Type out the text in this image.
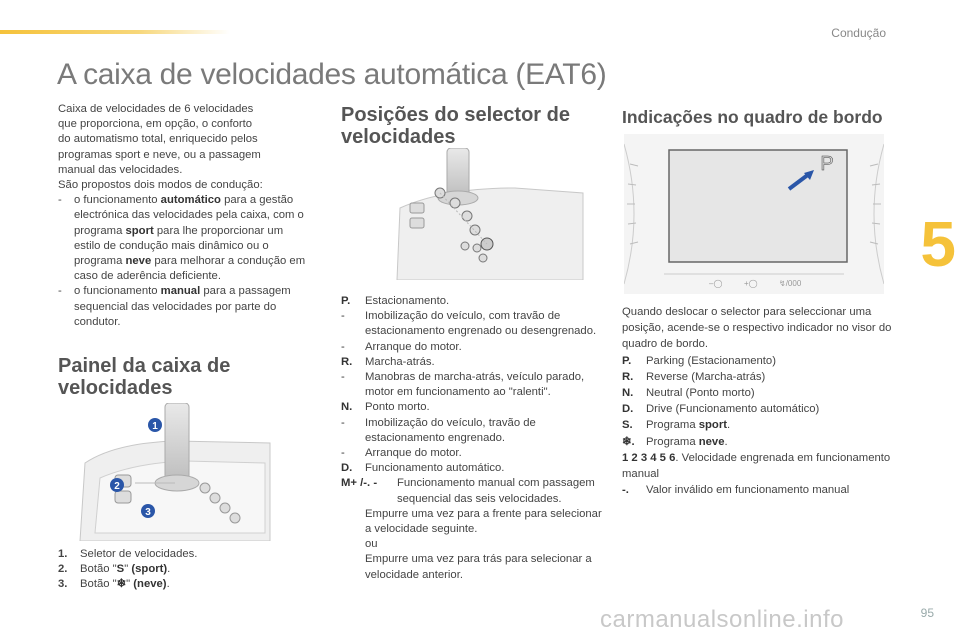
Condução
5
A caixa de velocidades automática (EAT6)

Caixa de velocidades de 6 velocidades
que proporciona, em opção, o conforto
do automatismo total, enriquecido pelos
programas sport e neve, ou a passagem
manual das velocidades.
São propostos dois modos de condução:

-	o funcionamento automático para a gestão electrónica das velocidades pela caixa, com o programa sport para lhe proporcionar um estilo de condução mais dinâmico ou o programa neve para melhorar a condução em caso de aderência deficiente.
-	o funcionamento manual para a passagem sequencial das velocidades por parte do condutor.
Painel da caixa de
velocidades
1
2
3
1.	Seletor de velocidades.
2.	Botão "S" (sport).
3.	Botão "❄" (neve).
Posições do selector de
velocidades
P.	Estacionamento.
-	Imobilização do veículo, com travão de estacionamento engrenado ou desengrenado.
-	Arranque do motor.
R.	Marcha-atrás.
-	Manobras de marcha-atrás, veículo parado, motor em funcionamento ao "ralenti".
N.	Ponto morto.
-	Imobilização do veículo, travão de estacionamento engrenado.
-	Arranque do motor.
D.	Funcionamento automático.
M+ /-. -	Funcionamento manual com passagem sequencial das seis velocidades.
Empurre uma vez para a frente para selecionar a velocidade seguinte.
ou
Empurre uma vez para trás para selecionar a velocidade anterior.
Indicações no quadro de bordo
P
–◯	+◯	↯/000

Quando deslocar o selector para seleccionar uma posição, acende-se o respectivo indicador no visor do quadro de bordo.

P.	Parking (Estacionamento)
R.	Reverse (Marcha-atrás)
N.	Neutral (Ponto morto)
D.	Drive (Funcionamento automático)
S.	Programa sport.
❄.	Programa neve.
1 2 3 4 5 6. Velocidade engrenada em funcionamento manual
-.	Valor inválido em funcionamento manual
95
carmanualsonline.info
